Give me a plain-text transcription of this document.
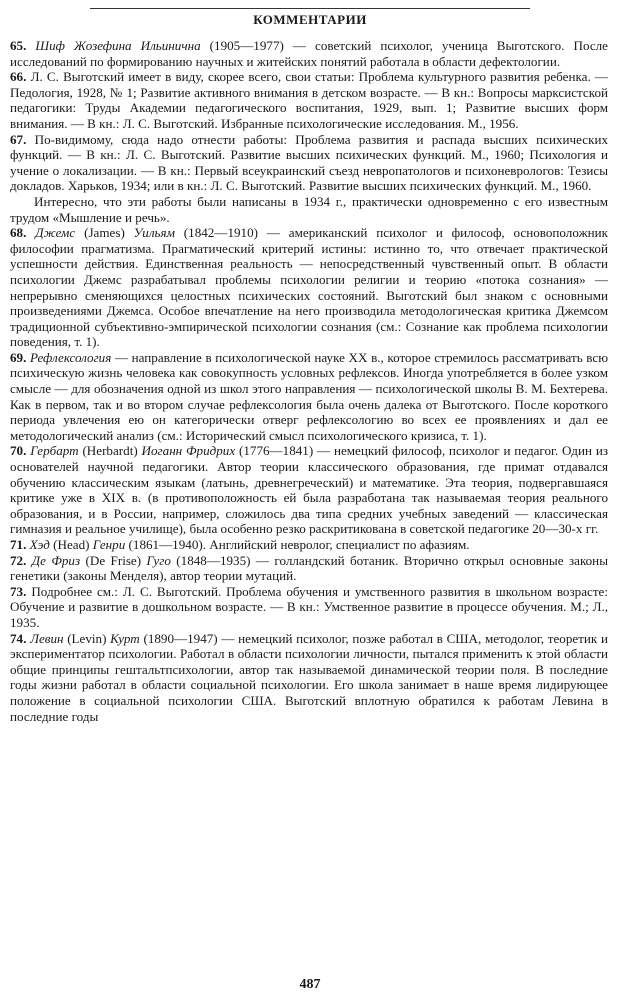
КОММЕНТАРИИ

65. Шиф Жозефина Ильинична (1905—1977) — советский психолог, ученица Выготского. После исследований по формированию научных и житейских понятий работала в области дефектологии.

66. Л. С. Выготский имеет в виду, скорее всего, свои статьи: Проблема культурного развития ребенка. — Педология, 1928, № 1; Развитие активного внимания в детском возрасте. — В кн.: Вопросы марксистской педагогики: Труды Академии педагогического воспитания, 1929, вып. 1; Развитие высших форм внимания. — В кн.: Л. С. Выготский. Избранные психологические исследования. М., 1956.

67. По-видимому, сюда надо отнести работы: Проблема развития и распада высших психических функций. — В кн.: Л. С. Выготский. Развитие высших психических функций. М., 1960; Психология и учение о локализации. — В кн.: Первый всеукраинский съезд невропатологов и психоневрологов: Тезисы докладов. Харьков, 1934; или в кн.: Л. С. Выготский. Развитие высших психических функций. М., 1960.

Интересно, что эти работы были написаны в 1934 г., практически одновременно с его известным трудом «Мышление и речь».

68. Джемс (James) Уильям (1842—1910) — американский психолог и философ, основоположник философии прагматизма. Прагматический критерий истины: истинно то, что отвечает практической успешности действия. Единственная реальность — непосредственный чувственный опыт. В области психологии Джемс разрабатывал проблемы психологии религии и теорию «потока сознания» — непрерывно сменяющихся целостных психических состояний. Выготский был знаком с основными произведениями Джемса. Особое впечатление на него производила методологическая критика Джемсом традиционной субъективно-эмпирической психологии сознания (см.: Сознание как проблема психологии поведения, т. 1).

69. Рефлексология — направление в психологической науке XX в., которое стремилось рассматривать всю психическую жизнь человека как совокупность условных рефлексов. Иногда употребляется в более узком смысле — для обозначения одной из школ этого направления — психологической школы В. М. Бехтерева. Как в первом, так и во втором случае рефлексология была очень далека от Выготского. После короткого периода увлечения ею он категорически отверг рефлексологию во всех ее проявлениях и дал ее методологический анализ (см.: Исторический смысл психологического кризиса, т. 1).

70. Гербарт (Herbardt) Иоганн Фридрих (1776—1841) — немецкий философ, психолог и педагог. Один из основателей научной педагогики. Автор теории классического образования, где примат отдавался обучению классическим языкам (латынь, древнегреческий) и математике. Эта теория, подвергавшаяся критике уже в XIX в. (в противоположность ей была разработана так называемая теория реального образования, и в России, например, сложилось два типа средних учебных заведений — классическая гимназия и реальное училище), была особенно резко раскритикована в советской педагогике 20—30-х гг.

71. Хэд (Head) Генри (1861—1940). Английский невролог, специалист по афазиям.

72. Де Фриз (De Frise) Гуго (1848—1935) — голландский ботаник. Вторично открыл основные законы генетики (законы Менделя), автор теории мутаций.

73. Подробнее см.: Л. С. Выготский. Проблема обучения и умственного развития в школьном возрасте: Обучение и развитие в дошкольном возрасте. — В кн.: Умственное развитие в процессе обучения. М.; Л., 1935.

74. Левин (Levin) Курт (1890—1947) — немецкий психолог, позже работал в США, методолог, теоретик и экспериментатор психологии. Работал в области психологии личности, пытался применить к этой области общие принципы гештальтпсихологии, автор так называемой динамической теории поля. В последние годы жизни работал в области социальной психологии. Его школа занимает в наше время лидирующее положение в социальной психологии США. Выготский вплотную обратился к работам Левина в последние годы

487
